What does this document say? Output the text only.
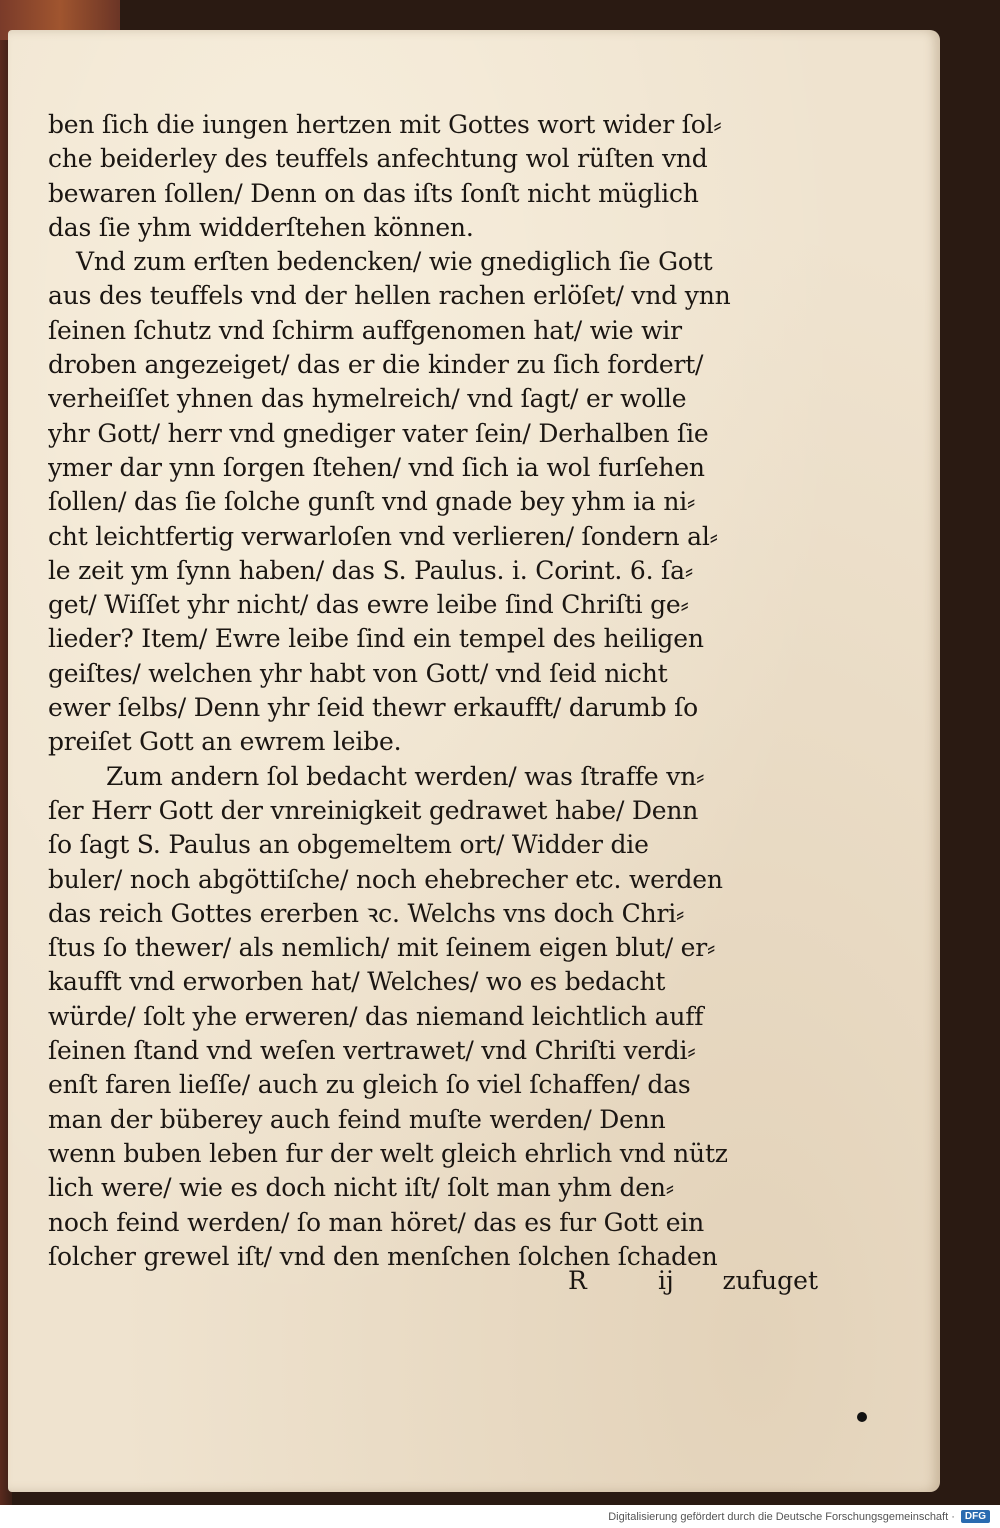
ben ſich die iungen hertzen mit Gottes wort wider ſol⸗
che beiderley des teuffels anfechtung wol rüſten vnd
bewaren ſollen/ Denn on das iſts ſonſt nicht müglich
das ſie yhm widderſtehen können.
Vnd zum erſten bedencken/ wie gnediglich ſie Gott
aus des teuffels vnd der hellen rachen erlöſet/ vnd ynn
ſeinen ſchutz vnd ſchirm auffgenomen hat/ wie wir
droben angezeiget/ das er die kinder zu ſich fordert/
verheiſſet yhnen das hymelreich/ vnd ſagt/ er wolle
yhr Gott/ herr vnd gnediger vater ſein/ Derhalben ſie
ymer dar ynn ſorgen ſtehen/ vnd ſich ia wol furſehen
ſollen/ das ſie ſolche gunſt vnd gnade bey yhm ia ni⸗
cht leichtfertig verwarloſen vnd verlieren/ ſondern al⸗
le zeit ym ſynn haben/ das S. Paulus. i. Corint. 6. ſa⸗
get/ Wiſſet yhr nicht/ das ewre leibe ſind Chriſti ge⸗
lieder? Item/ Ewre leibe ſind ein tempel des heiligen
geiſtes/ welchen yhr habt von Gott/ vnd ſeid nicht
ewer ſelbs/ Denn yhr ſeid thewr erkaufft/ darumb ſo
preiſet Gott an ewrem leibe.
Zum andern ſol bedacht werden/ was ſtraffe vn⸗
ſer Herr Gott der vnreinigkeit gedrawet habe/ Denn
ſo ſagt S. Paulus an obgemeltem ort/ Widder die
buler/ noch abgöttiſche/ noch ehebrecher etc. werden
das reich Gottes ererben ꝛc. Welchs vns doch Chri⸗
ſtus ſo thewer/ als nemlich/ mit ſeinem eigen blut/ er⸗
kaufft vnd erworben hat/ Welches/ wo es bedacht
würde/ ſolt yhe erweren/ das niemand leichtlich auff
ſeinen ſtand vnd weſen vertrawet/ vnd Chriſti verdi⸗
enſt faren lieſſe/ auch zu gleich ſo viel ſchaffen/ das
man der büberey auch feind muſte werden/ Denn
wenn buben leben fur der welt gleich ehrlich vnd nütz
lich were/ wie es doch nicht iſt/ ſolt man yhm den⸗
noch feind werden/ ſo man höret/ das es fur Gott ein
ſolcher grewel iſt/ vnd den menſchen ſolchen ſchaden
R	ij zufuget
Digitalisierung gefördert durch die Deutsche Forschungsgemeinschaft ·	DFG
